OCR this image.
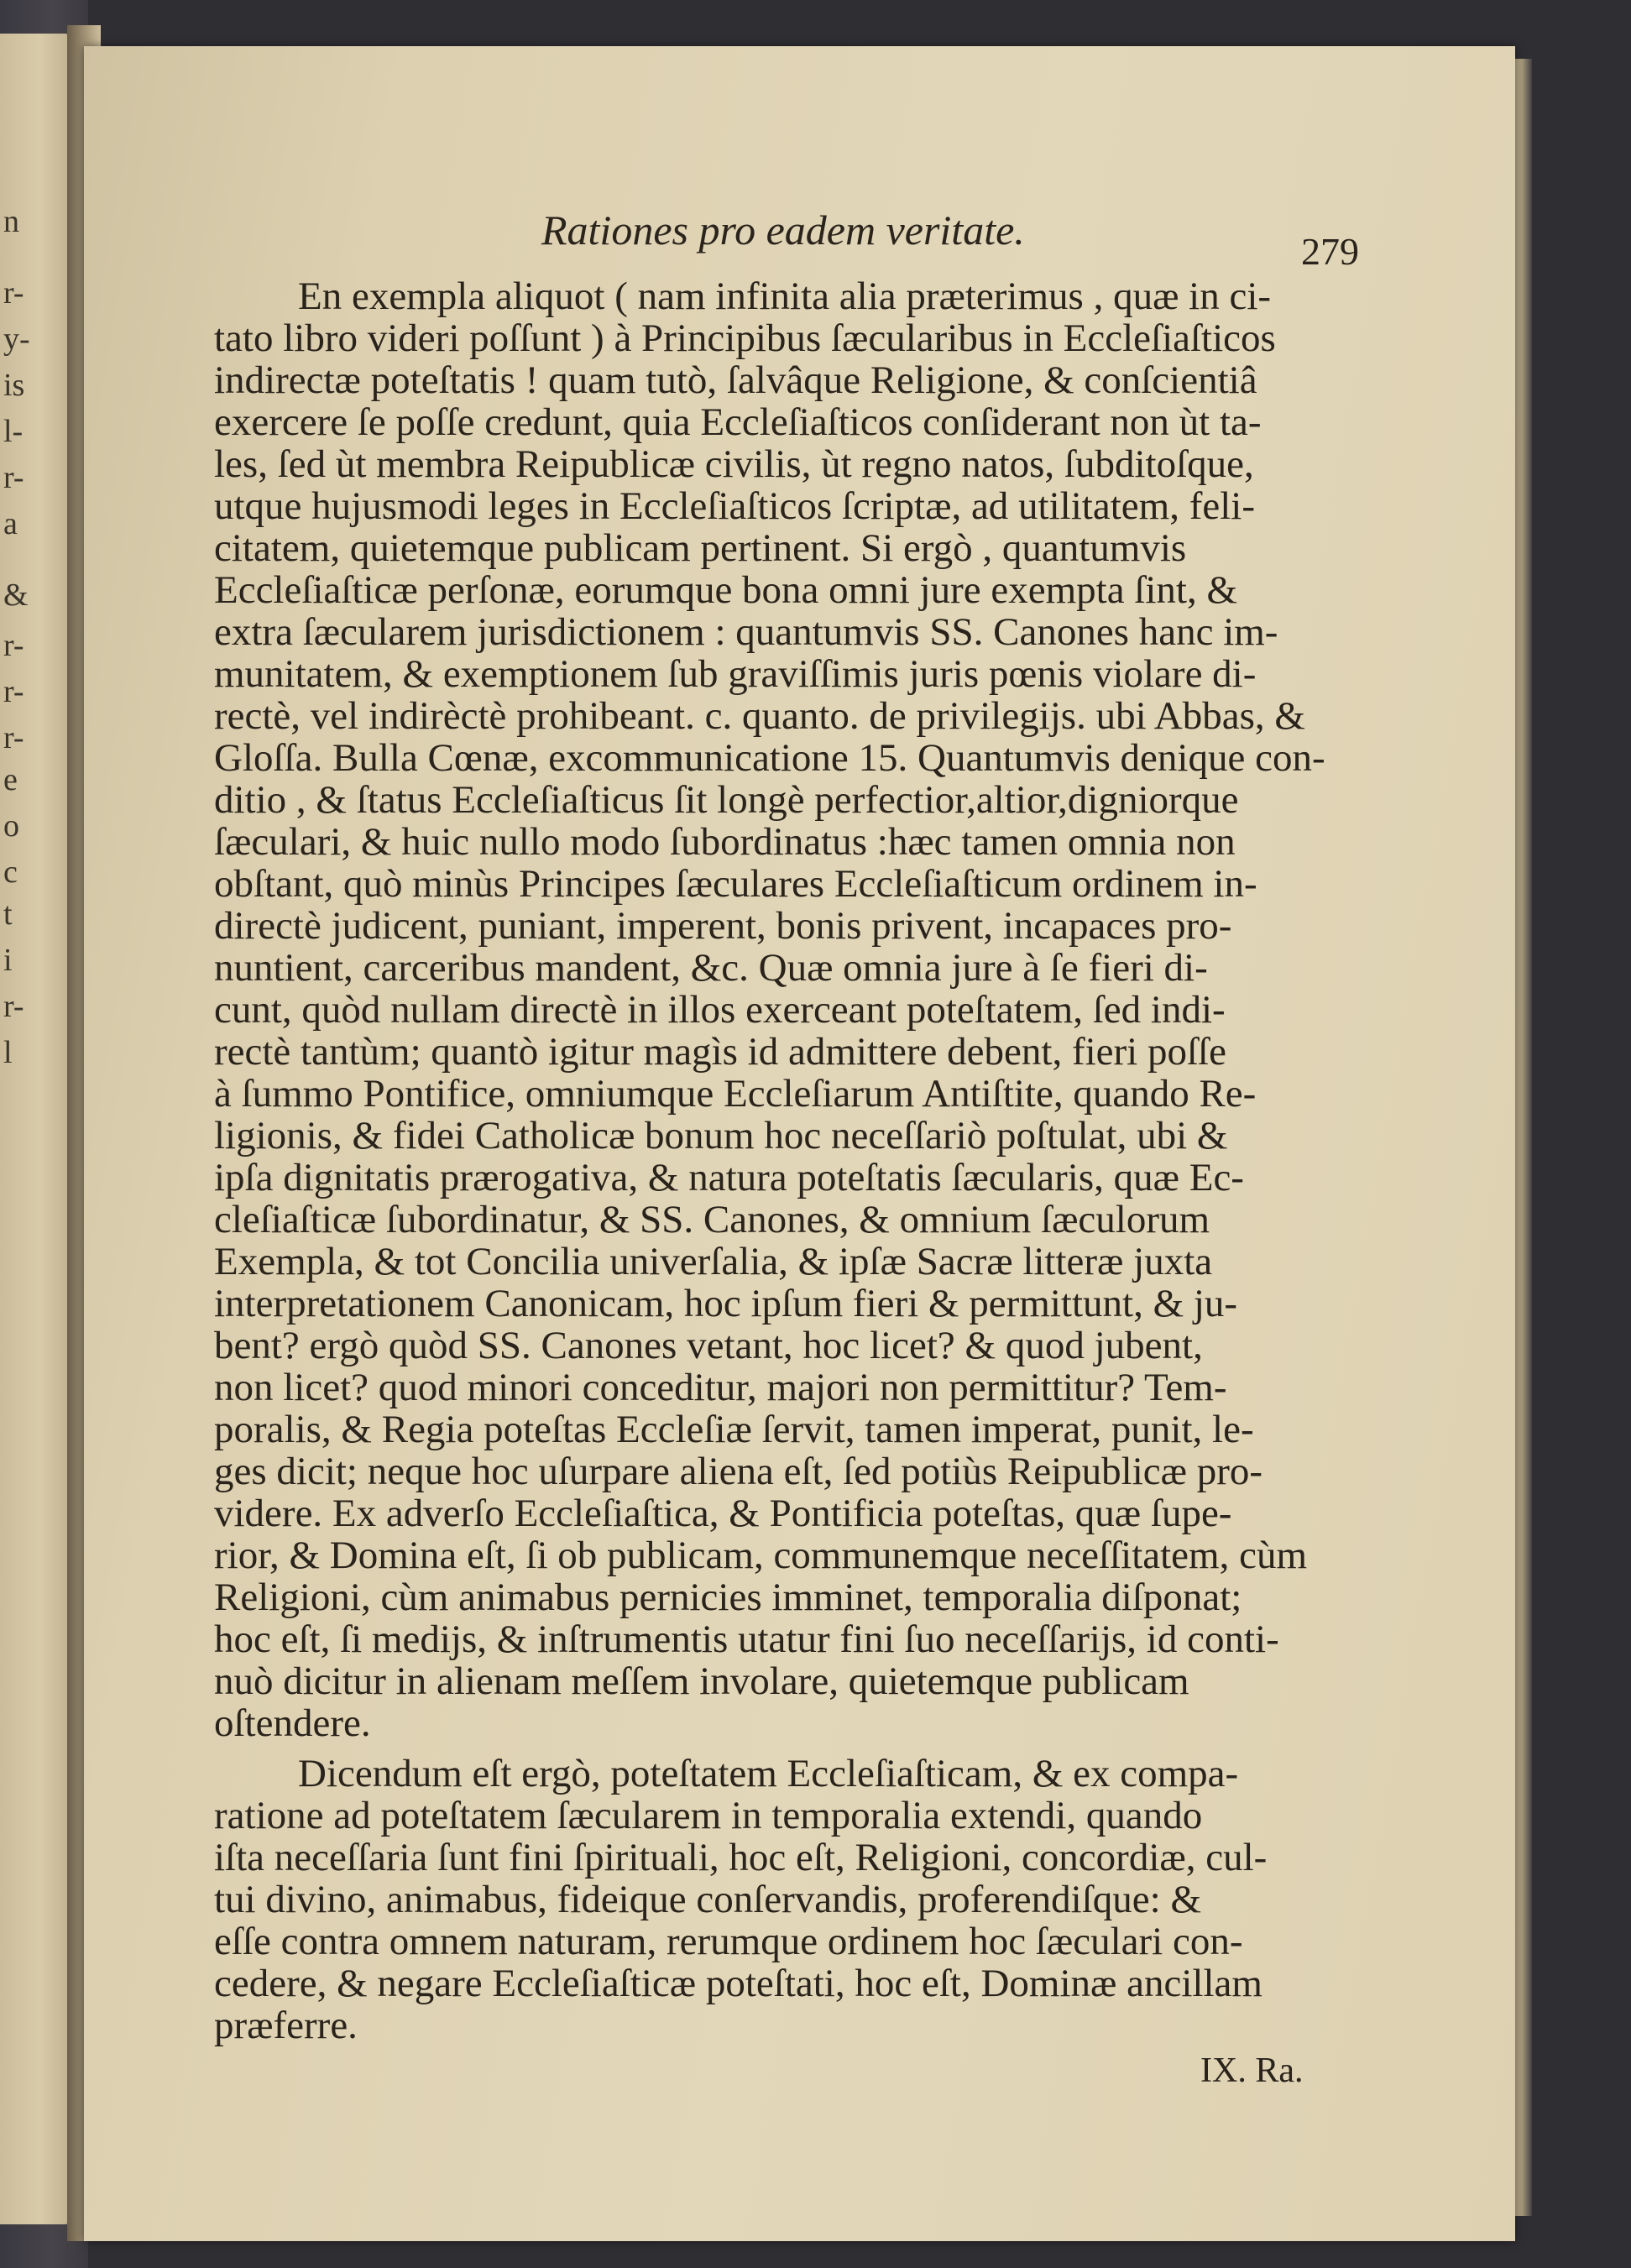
n
r-
y-
is
l-
r-
a
&
r-
r-
r-
e
o
c
t
i
r-
l
Rationes pro eadem veritate.	279
En exempla aliquot ( nam infinita alia prӕterimus , quӕ in ci-
tato libro videri poſſunt ) à Principibus ſæcularibus in Eccleſiaſticos
indirectӕ poteſtatis ! quam tutò, ſalvâque Religione, & conſcientiâ
exercere ſe poſſe credunt, quia Eccleſiaſticos conſiderant non ùt ta-
les, ſed ùt membra Reipublicæ civilis, ùt regno natos, ſubditoſque,
utque hujusmodi leges in Eccleſiaſticos ſcriptæ, ad utilitatem, feli-
citatem, quietemque publicam pertinent. Si ergò , quantumvis
Eccleſiaſticӕ perſonӕ, eorumque bona omni jure exempta ſint, &
extra ſæcularem jurisdictionem : quantumvis SS. Canones hanc im-
munitatem, & exemptionem ſub graviſſimis juris pœnis violare di-
rectè, vel indirèctè prohibeant. c. quanto. de privilegijs. ubi Abbas, &
Gloſſa. Bulla Cœnӕ, excommunicatione 15. Quantumvis denique con-
ditio , & ſtatus Eccleſiaſticus ſit longè perfectior,altior,digniorque
ſæculari, & huic nullo modo ſubordinatus :hæc tamen omnia non
obſtant, quò minùs Principes ſæculares Eccleſiaſticum ordinem in-
directè judicent, puniant, imperent, bonis privent, incapaces pro-
nuntient, carceribus mandent, &c. Quæ omnia jure à ſe fieri di-
cunt, quòd nullam directè in illos exerceant poteſtatem, ſed indi-
rectè tantùm; quantò igitur magìs id admittere debent, fieri poſſe
à ſummo Pontifice, omniumque Eccleſiarum Antiſtite, quando Re-
ligionis, & fidei Catholicæ bonum hoc neceſſariò poſtulat, ubi &
ipſa dignitatis prærogativa, & natura poteſtatis ſæcularis, quæ Ec-
cleſiaſticæ ſubordinatur, & SS. Canones, & omnium ſæculorum
Exempla, & tot Concilia univerſalia, & ipſæ Sacræ litteræ juxta
interpretationem Canonicam, hoc ipſum fieri & permittunt, & ju-
bent? ergò quòd SS. Canones vetant, hoc licet? & quod jubent,
non licet? quod minori conceditur, majori non permittitur? Tem-
poralis, & Regia poteſtas Eccleſiæ ſervit, tamen imperat, punit, le-
ges dicit; neque hoc uſurpare aliena eſt, ſed potiùs Reipublicæ pro-
videre. Ex adverſo Eccleſiaſtica, & Pontificia poteſtas, quæ ſupe-
rior, & Domina eſt, ſi ob publicam, communemque neceſſitatem, cùm
Religioni, cùm animabus pernicies imminet, temporalia diſponat;
hoc eſt, ſi medijs, & inſtrumentis utatur fini ſuo neceſſarijs, id conti-
nuò dicitur in alienam meſſem involare, quietemque publicam
oſtendere.
Dicendum eſt ergò, poteſtatem Eccleſiaſticam, & ex compa-
ratione ad poteſtatem ſæcularem in temporalia extendi, quando
iſta neceſſaria ſunt fini ſpirituali, hoc eſt, Religioni, concordiæ, cul-
tui divino, animabus, fideique conſervandis, proferendiſque: &
eſſe contra omnem naturam, rerumque ordinem hoc ſæculari con-
cedere, & negare Eccleſiaſticæ poteſtati, hoc eſt, Dominæ ancillam
præferre.
IX. Ra.
